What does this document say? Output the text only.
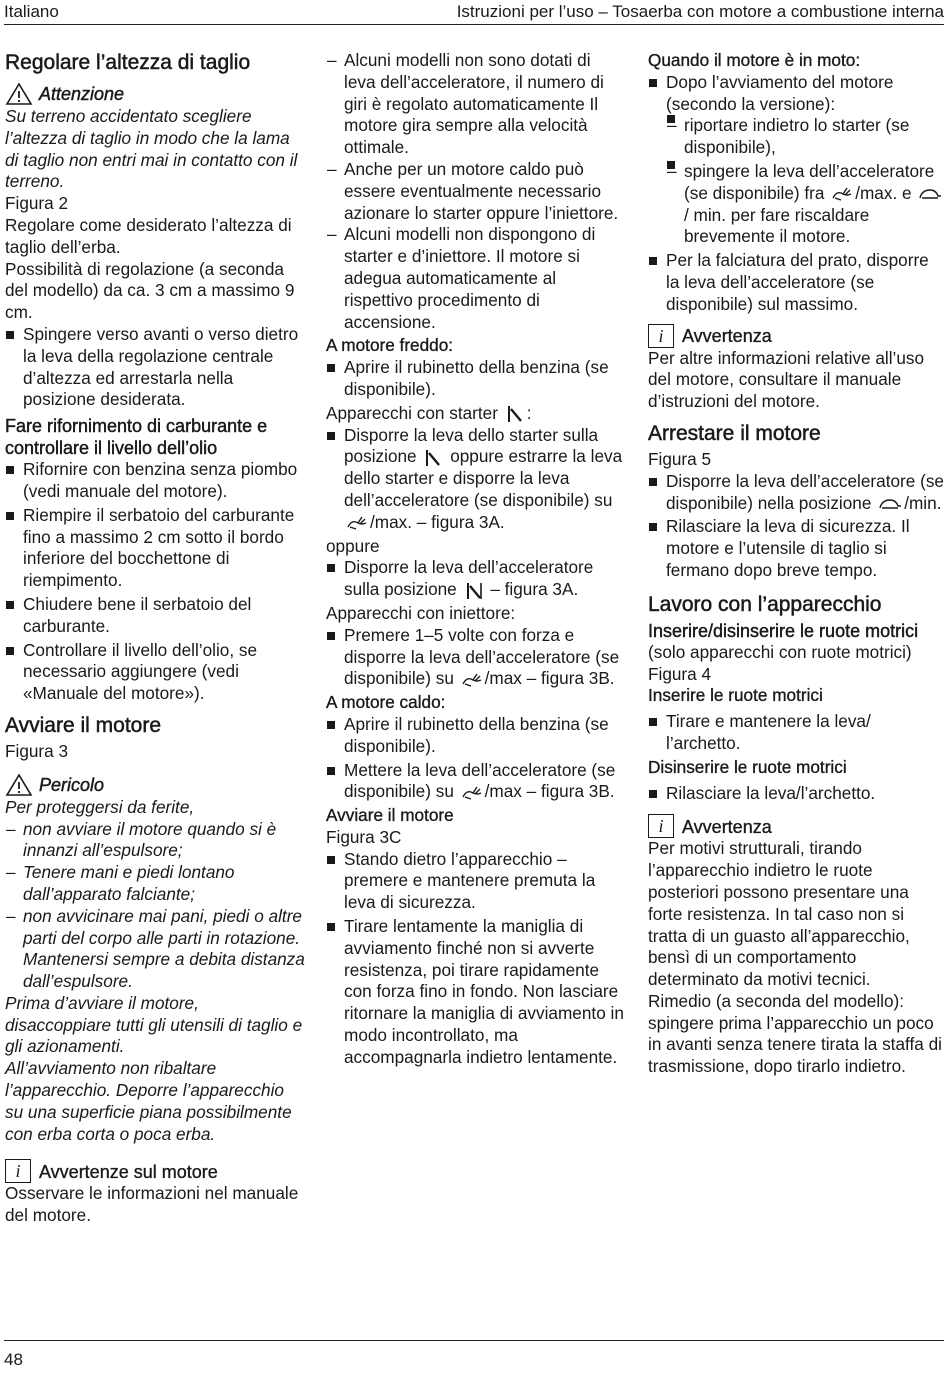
Italiano	Istruzioni per l’uso – Tosaerba con motore a combustione interna
Regolare l’altezza di taglio
Attenzione

Su terreno accidentato scegliere l’altezza di taglio in modo che la lama di taglio non entri mai in contatto con il terreno.

Figura 2

Regolare come desiderato l’altezza di taglio dell’erba.

Possibilità di regolazione (a seconda del modello) da ca. 3 cm a massimo 9 cm.

Spingere verso avanti o verso dietro la leva della regolazione centrale d’altezza ed arrestarla nella posizione desiderata.
Fare rifornimento di carburante e controllare il livello dell’olio
Rifornire con benzina senza piombo (vedi manuale del motore).
Riempire il serbatoio del carburante fino a massimo 2 cm sotto il bordo inferiore del bocchettone di riempimento.
Chiudere bene il serbatoio del carburante.
Controllare il livello dell’olio, se necessario aggiungere (vedi «Manuale del motore»).
Avviare il motore

Figura 3

Pericolo

Per proteggersi da ferite,

– non avviare il motore quando si è innanzi all’espulsore;
– Tenere mani e piedi lontano dall’apparato falciante;
– non avvicinare mai pani, piedi o altre parti del corpo alle parti in rotazione. Mantenersi sempre a debita distanza dall’espulsore.

Prima d’avviare il motore, disaccoppiare tutti gli utensili di taglio e gli azionamenti.

All’avviamento non ribaltare l’apparecchio. Deporre l’apparecchio su una superficie piana possibilmente con erba corta o poca erba.

i	Avvertenze sul motore

Osservare le informazioni nel manuale del motore.

– Alcuni modelli non sono dotati di leva dell’acceleratore, il numero di giri è regolato automaticamente Il motore gira sempre alla velocità ottimale.
– Anche per un motore caldo può essere eventualmente necessario azionare lo starter oppure l’iniettore.
– Alcuni modelli non dispongono di starter e d’iniettore. Il motore si adegua automaticamente al rispettivo procedimento di accensione.
A motore freddo:
Aprire il rubinetto della benzina (se disponibile).

Apparecchi con starter :

Disporre la leva dello starter sulla posizione oppure estrarre la leva dello starter e disporre la leva dell’acceleratore (se disponibile) su /max. – figura 3A.

oppure

Disporre la leva dell’acceleratore sulla posizione – figura 3A.

Apparecchi con iniettore:

Premere 1–5 volte con forza e disporre la leva dell’acceleratore (se disponibile) su /max – figura 3B.
A motore caldo:
Aprire il rubinetto della benzina (se disponibile).
Mettere la leva dell’acceleratore (se disponibile) su /max – figura 3B.
Avviare il motore

Figura 3C

Stando dietro l’apparecchio – premere e mantenere premuta la leva di sicurezza.
Tirare lentamente la maniglia di avviamento finché non si avverte resistenza, poi tirare rapidamente con forza fino in fondo. Non lasciare ritornare la maniglia di avviamento in modo incontrollato, ma accompagnarla indietro lentamente.
Quando il motore è in moto:
Dopo l’avviamento del motore (secondo la versione):
– riportare indietro lo starter (se disponibile),
– spingere la leva dell’acceleratore (se disponibile) fra /max. e / min. per fare riscaldare brevemente il motore.
Per la falciatura del prato, disporre la leva dell’acceleratore (se disponibile) sul massimo.
i	Avvertenza

Per altre informazioni relative all’uso del motore, consultare il manuale d’istruzioni del motore.

Arrestare il motore

Figura 5

Disporre la leva dell’acceleratore (se disponibile) nella posizione /min.
Rilasciare la leva di sicurezza. Il motore e l’utensile di taglio si fermano dopo breve tempo.
Lavoro con l’apparecchio
Inserire/disinserire le ruote motrici

(solo apparecchi con ruote motrici)

Figura 4

Inserire le ruote motrici
Tirare e mantenere la leva/ l’archetto.
Disinserire le ruote motrici
Rilasciare la leva/l’archetto.
i	Avvertenza

Per motivi strutturali, tirando l’apparecchio indietro le ruote posteriori possono presentare una forte resistenza. In tal caso non si tratta di un guasto all’apparecchio, bensì di un comportamento determinato da motivi tecnici.

Rimedio (a seconda del modello): spingere prima l’apparecchio un poco in avanti senza tenere tirata la staffa di trasmissione, dopo tirarlo indietro.

48
